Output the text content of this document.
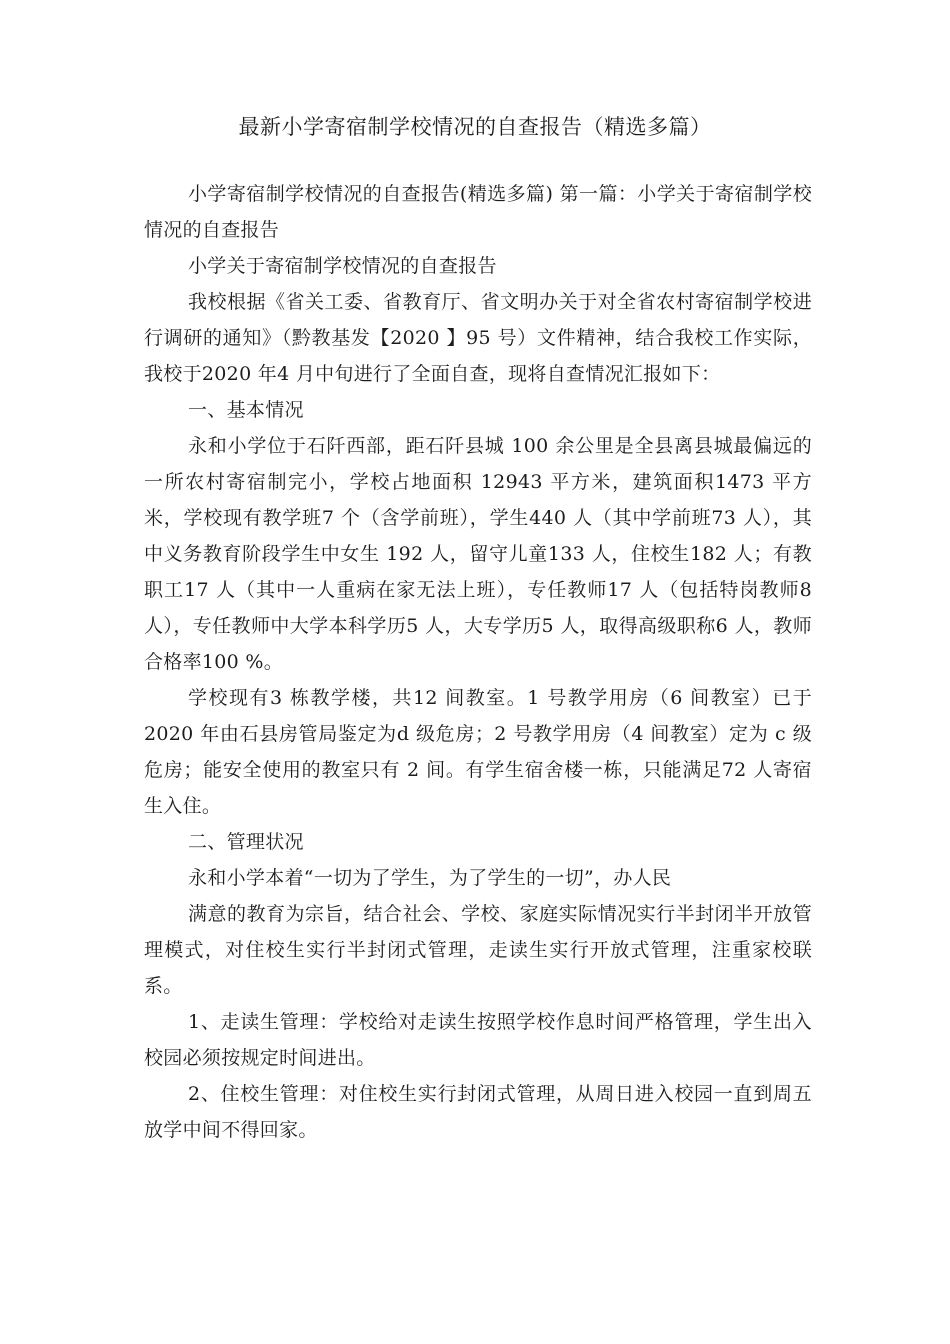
最新小学寄宿制学校情况的自查报告（精选多篇）

小学寄宿制学校情况的自查报告(精选多篇) 第一篇：小学关于寄宿制学校情况的自查报告

小学关于寄宿制学校情况的自查报告

我校根据《省关工委、省教育厅、省文明办关于对全省农村寄宿制学校进行调研的通知》（黔教基发【2020 】95 号）文件精神，结合我校工作实际，我校于2020 年4 月中旬进行了全面自查，现将自查情况汇报如下：

一、基本情况

永和小学位于石阡西部，距石阡县城 100 余公里是全县离县城最偏远的一所农村寄宿制完小，学校占地面积 12943 平方米，建筑面积1473 平方米，学校现有教学班7 个（含学前班），学生440 人（其中学前班73 人），其中义务教育阶段学生中女生 192 人，留守儿童133 人，住校生182 人；有教职工17 人（其中一人重病在家无法上班），专任教师17 人（包括特岗教师8 人），专任教师中大学本科学历5 人，大专学历5 人，取得高级职称6 人，教师合格率100 %。

学校现有3 栋教学楼，共12 间教室。1 号教学用房（6 间教室）已于2020 年由石县房管局鉴定为d 级危房；2 号教学用房（4 间教室）定为 c 级危房；能安全使用的教室只有 2 间。有学生宿舍楼一栋，只能满足72 人寄宿生入住。

二、管理状况

永和小学本着“一切为了学生，为了学生的一切”，办人民

满意的教育为宗旨，结合社会、学校、家庭实际情况实行半封闭半开放管理模式，对住校生实行半封闭式管理，走读生实行开放式管理，注重家校联系。

1、走读生管理：学校给对走读生按照学校作息时间严格管理，学生出入校园必须按规定时间进出。

2、住校生管理：对住校生实行封闭式管理，从周日进入校园一直到周五放学中间不得回家。
